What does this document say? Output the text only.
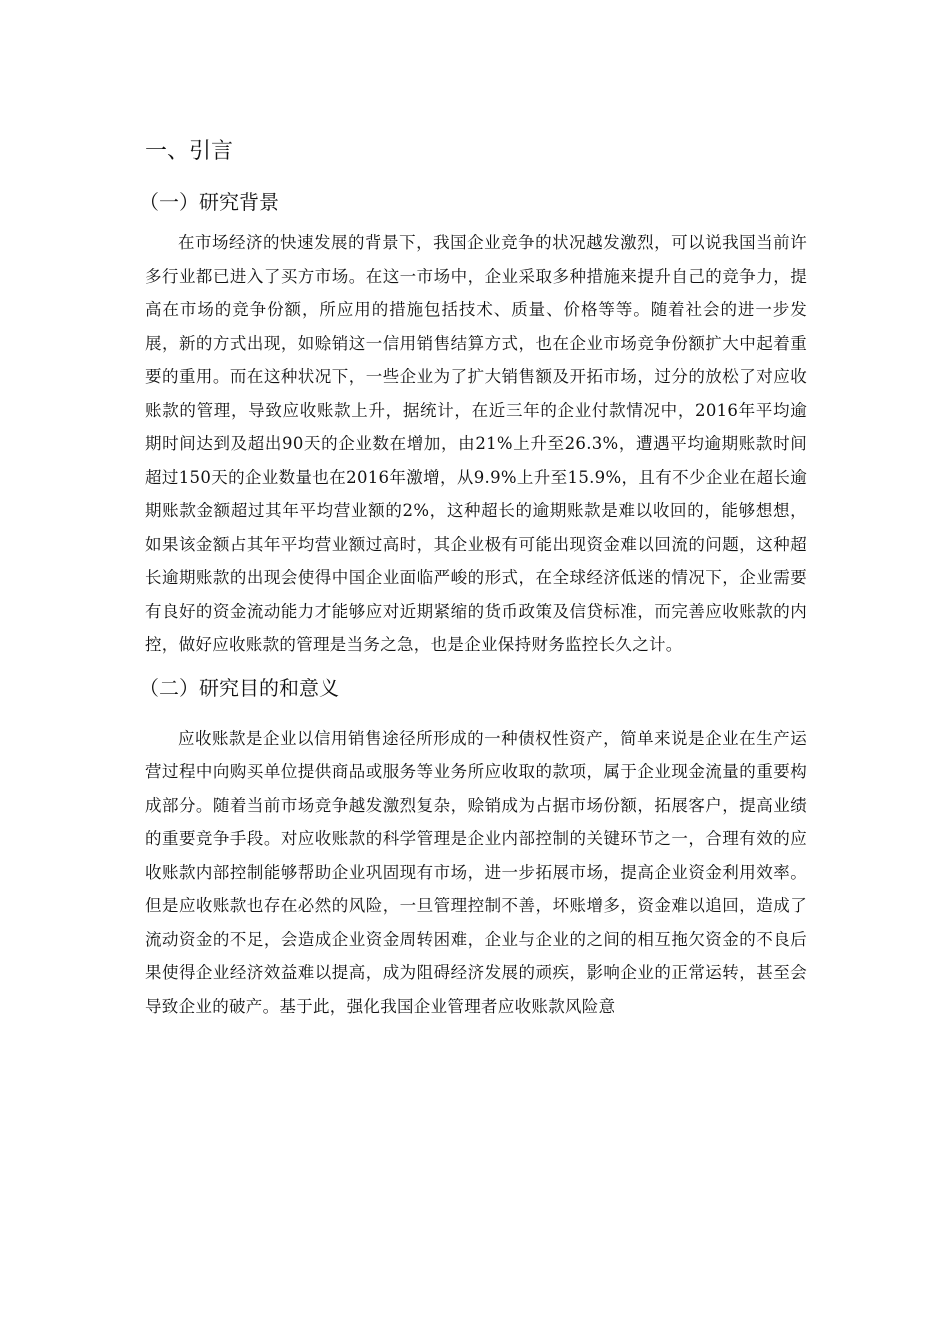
一、引言
（一）研究背景

在市场经济的快速发展的背景下，我国企业竞争的状况越发激烈，可以说我国当前许多行业都已进入了买方市场。在这一市场中，企业采取多种措施来提升自己的竞争力，提高在市场的竞争份额，所应用的措施包括技术、质量、价格等等。随着社会的进一步发展，新的方式出现，如赊销这一信用销售结算方式，也在企业市场竞争份额扩大中起着重要的重用。而在这种状况下，一些企业为了扩大销售额及开拓市场，过分的放松了对应收账款的管理，导致应收账款上升，据统计，在近三年的企业付款情况中，2016年平均逾期时间达到及超出90天的企业数在增加，由21%上升至26.3%，遭遇平均逾期账款时间超过150天的企业数量也在2016年激增，从9.9%上升至15.9%，且有不少企业在超长逾期账款金额超过其年平均营业额的2%，这种超长的逾期账款是难以收回的，能够想想，如果该金额占其年平均营业额过高时，其企业极有可能出现资金难以回流的问题，这种超长逾期账款的出现会使得中国企业面临严峻的形式，在全球经济低迷的情况下，企业需要有良好的资金流动能力才能够应对近期紧缩的货币政策及信贷标准，而完善应收账款的内控，做好应收账款的管理是当务之急，也是企业保持财务监控长久之计。

（二）研究目的和意义

应收账款是企业以信用销售途径所形成的一种债权性资产，简单来说是企业在生产运营过程中向购买单位提供商品或服务等业务所应收取的款项，属于企业现金流量的重要构成部分。随着当前市场竞争越发激烈复杂，赊销成为占据市场份额，拓展客户，提高业绩的重要竞争手段。对应收账款的科学管理是企业内部控制的关键环节之一，合理有效的应收账款内部控制能够帮助企业巩固现有市场，进一步拓展市场，提高企业资金利用效率。但是应收账款也存在必然的风险，一旦管理控制不善，坏账增多，资金难以追回，造成了流动资金的不足，会造成企业资金周转困难，企业与企业的之间的相互拖欠资金的不良后果使得企业经济效益难以提高，成为阻碍经济发展的顽疾，影响企业的正常运转，甚至会导致企业的破产。基于此，强化我国企业管理者应收账款风险意
